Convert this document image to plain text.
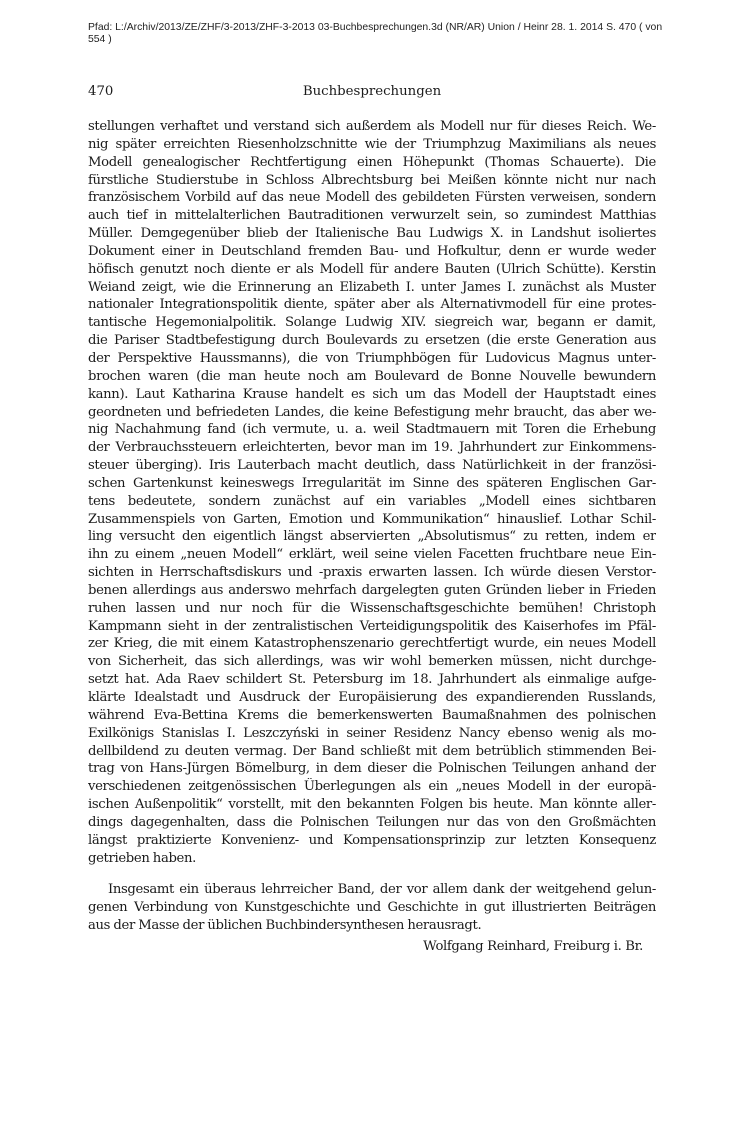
Pfad: L:/Archiv/2013/ZE/ZHF/3-2013/ZHF-3-2013 03-Buchbesprechungen.3d (NR/AR) Union / Heinr 28. 1. 2014 S. 470 ( von 554 )
470	Buchbesprechungen
stellungen verhaftet und verstand sich außerdem als Modell nur für dieses Reich. We-
nig später erreichten Riesenholzschnitte wie der Triumphzug Maximilians als neues
Modell genealogischer Rechtfertigung einen Höhepunkt (Thomas Schauerte). Die
fürstliche Studierstube in Schloss Albrechtsburg bei Meißen könnte nicht nur nach
französischem Vorbild auf das neue Modell des gebildeten Fürsten verweisen, sondern
auch tief in mittelalterlichen Bautraditionen verwurzelt sein, so zumindest Matthias
Müller. Demgegenüber blieb der Italienische Bau Ludwigs X. in Landshut isoliertes
Dokument einer in Deutschland fremden Bau- und Hofkultur, denn er wurde weder
höfisch genutzt noch diente er als Modell für andere Bauten (Ulrich Schütte). Kerstin
Weiand zeigt, wie die Erinnerung an Elizabeth I. unter James I. zunächst als Muster
nationaler Integrationspolitik diente, später aber als Alternativmodell für eine protes-
tantische Hegemonialpolitik. Solange Ludwig XIV. siegreich war, begann er damit,
die Pariser Stadtbefestigung durch Boulevards zu ersetzen (die erste Generation aus
der Perspektive Haussmanns), die von Triumphbögen für Ludovicus Magnus unter-
brochen waren (die man heute noch am Boulevard de Bonne Nouvelle bewundern
kann). Laut Katharina Krause handelt es sich um das Modell der Hauptstadt eines
geordneten und befriedeten Landes, die keine Befestigung mehr braucht, das aber we-
nig Nachahmung fand (ich vermute, u. a. weil Stadtmauern mit Toren die Erhebung
der Verbrauchssteuern erleichterten, bevor man im 19. Jahrhundert zur Einkommens-
steuer überging). Iris Lauterbach macht deutlich, dass Natürlichkeit in der französi-
schen Gartenkunst keineswegs Irregularität im Sinne des späteren Englischen Gar-
tens bedeutete, sondern zunächst auf ein variables „Modell eines sichtbaren
Zusammenspiels von Garten, Emotion und Kommunikation“ hinauslief. Lothar Schil-
ling versucht den eigentlich längst abservierten „Absolutismus“ zu retten, indem er
ihn zu einem „neuen Modell“ erklärt, weil seine vielen Facetten fruchtbare neue Ein-
sichten in Herrschaftsdiskurs und -praxis erwarten lassen. Ich würde diesen Verstor-
benen allerdings aus anderswo mehrfach dargelegten guten Gründen lieber in Frieden
ruhen lassen und nur noch für die Wissenschaftsgeschichte bemühen! Christoph
Kampmann sieht in der zentralistischen Verteidigungspolitik des Kaiserhofes im Pfäl-
zer Krieg, die mit einem Katastrophenszenario gerechtfertigt wurde, ein neues Modell
von Sicherheit, das sich allerdings, was wir wohl bemerken müssen, nicht durchge-
setzt hat. Ada Raev schildert St. Petersburg im 18. Jahrhundert als einmalige aufge-
klärte Idealstadt und Ausdruck der Europäisierung des expandierenden Russlands,
während Eva-Bettina Krems die bemerkenswerten Baumaßnahmen des polnischen
Exilkönigs Stanislas I. Leszczyński in seiner Residenz Nancy ebenso wenig als mo-
dellbildend zu deuten vermag. Der Band schließt mit dem betrüblich stimmenden Bei-
trag von Hans-Jürgen Bömelburg, in dem dieser die Polnischen Teilungen anhand der
verschiedenen zeitgenössischen Überlegungen als ein „neues Modell in der europä-
ischen Außenpolitik“ vorstellt, mit den bekannten Folgen bis heute. Man könnte aller-
dings dagegenhalten, dass die Polnischen Teilungen nur das von den Großmächten
längst praktizierte Konvenienz- und Kompensationsprinzip zur letzten Konsequenz
getrieben haben.
Insgesamt ein überaus lehrreicher Band, der vor allem dank der weitgehend gelun-
genen Verbindung von Kunstgeschichte und Geschichte in gut illustrierten Beiträgen
aus der Masse der üblichen Buchbindersynthesen herausragt.
Wolfgang Reinhard, Freiburg i. Br.
